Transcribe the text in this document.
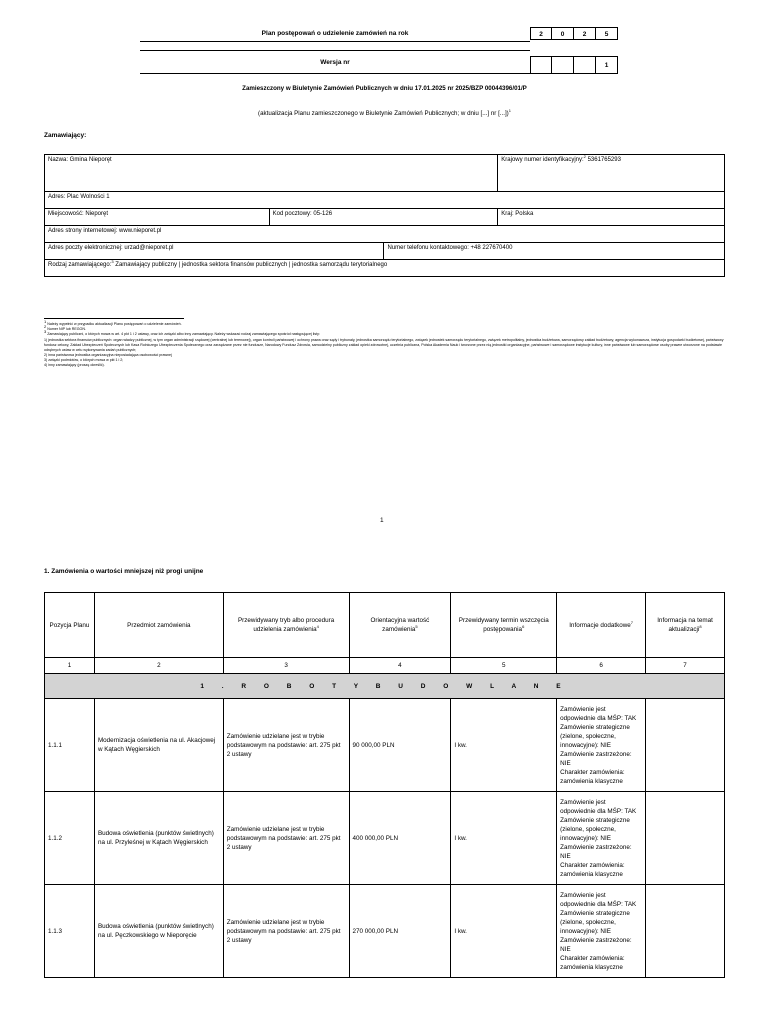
Plan postępowań o udzielenie zamówień na rok	2	0	2	5
Wersja nr	1
Zamieszczony w Biuletynie Zamówień Publicznych w dniu 17.01.2025 nr 2025/BZP 00044396/01/P
(aktualizacja Planu zamieszczonego w Biuletynie Zamówień Publicznych; w dniu [...] nr [...])$^1$
Zamawiający:
Nazwa: Gmina Nieporęt			Krajowy numer identyfikacyjny:$^2$ 5361765293
Adres: Plac Wolności 1			
Miejscowość: Nieporęt	Kod pocztowy: 05-126		Kraj: Polska
Adres strony internetowej: www.nieporet.pl			
Adres poczty elektronicznej: urzad@nieporet.pl		Numer telefonu kontaktowego: +48 227670400	
Rodzaj zamawiającego:$^3$ Zamawiający publiczny | jednostka sektora finansów publicznych | jednostka samorządu terytorialnego			
$^1$ Należy wypełnić w przypadku aktualizacji Planu postępowań o udzielenie zamówień.
$^2$ Numer NIP lub REGON.
$^3$ Zamawiający publiczni, o których mowa w art. 4 pkt 1 i 2 ustawy, oraz ich związki albo inny zamawiający. Należy wskazać rodzaj zamawiającego spośród następującej listy:
1) jednostka sektora finansów publicznych: organ władzy publicznej, w tym organ administracji rządowej (centralnej lub terenowej), organ kontroli państwowej i ochrony prawa oraz sądy i trybunały, jednostka samorządu terytorialnego, związek jednostek samorządu terytorialnego, związek metropolitalny, jednostka budżetowa, samorządowy zakład budżetowy, agencja wykonawcza, instytucja gospodarki budżetowej, państwowy fundusz celowy, Zakład Ubezpieczeń Społecznych lub Kasa Rolniczego Ubezpieczenia Społecznego oraz zarządzane przez nie fundusze, Narodowy Fundusz Zdrowia, samodzielny publiczny zakład opieki zdrowotnej, uczelnia publiczna, Polska Akademia Nauk i tworzone przez nią jednostki organizacyjne, państwowe i samorządowe instytucje kultury, inne państwowe lub samorządowe osoby prawne utworzone na podstawie odrębnych ustaw w celu wykonywania zadań publicznych;
2) inna państwowa jednostka organizacyjna nieposiadająca osobowości prawnej
3) związki podmiotów, o których mowa w pkt 1 i 2;
4) inny zamawiający (proszę określić).
1
1. Zamówienia o wartości mniejszej niż progi unijne
Pozycja Planu	Przedmiot zamówienia	Przewidywany tryb albo procedura udzielenia zamówienia$^4$	Orientacyjna wartość zamówienia$^5$	Przewidywany termin wszczęcia postępowania$^6$	Informacje dodatkowe$^7$	Informacja na temat aktualizacji$^8$
1	2	3	4	5	6	7
1 . R O B O T Y B U D O W L A N E						
1.1.1	Modernizacja oświetlenia na ul. Akacjowej w Kątach Węgierskich	Zamówienie udzielane jest w trybie podstawowym na podstawie: art. 275 pkt 2 ustawy	90 000,00 PLN	I kw.	Zamówienie jest odpowiednie dla MŚP: TAK
Zamówienie strategiczne (zielone, społeczne, innowacyjne): NIE
Zamówienie zastrzeżone: NIE
Charakter zamówienia: zamówienia klasyczne	
1.1.2	Budowa oświetlenia (punktów świetlnych) na ul. Przyleśnej w Kątach Węgierskich	Zamówienie udzielane jest w trybie podstawowym na podstawie: art. 275 pkt 2 ustawy	400 000,00 PLN	I kw.	Zamówienie jest odpowiednie dla MŚP: TAK
Zamówienie strategiczne (zielone, społeczne, innowacyjne): NIE
Zamówienie zastrzeżone: NIE
Charakter zamówienia: zamówienia klasyczne	
1.1.3	Budowa oświetlenia (punktów świetlnych) na ul. Pęczkowskiego w Nieporęcie	Zamówienie udzielane jest w trybie podstawowym na podstawie: art. 275 pkt 2 ustawy	270 000,00 PLN	I kw.	Zamówienie jest odpowiednie dla MŚP: TAK
Zamówienie strategiczne (zielone, społeczne, innowacyjne): NIE
Zamówienie zastrzeżone: NIE
Charakter zamówienia: zamówienia klasyczne	
